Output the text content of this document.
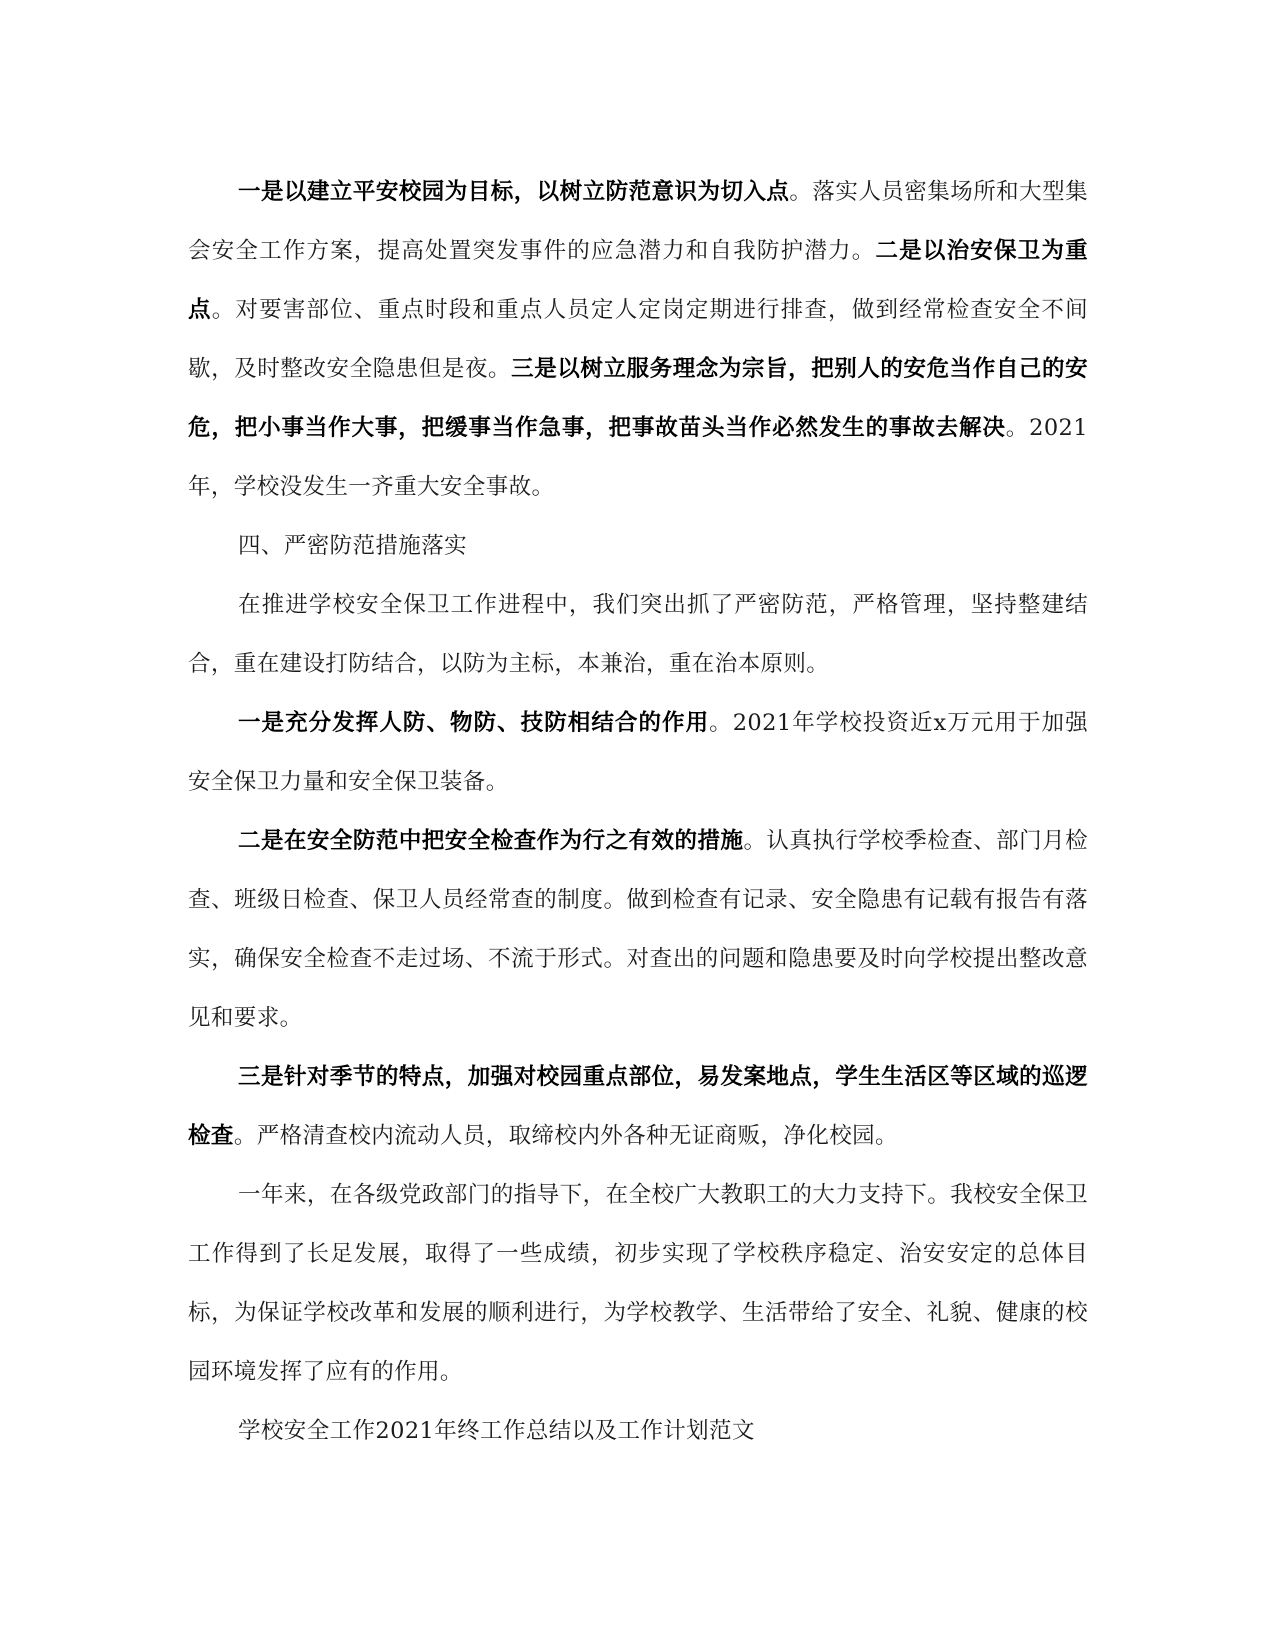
一是以建立平安校园为目标，以树立防范意识为切入点。落实人员密集场所和大型集会安全工作方案，提高处置突发事件的应急潜力和自我防护潜力。二是以治安保卫为重点。对要害部位、重点时段和重点人员定人定岗定期进行排查，做到经常检查安全不间歇，及时整改安全隐患但是夜。三是以树立服务理念为宗旨，把别人的安危当作自己的安危，把小事当作大事，把缓事当作急事，把事故苗头当作必然发生的事故去解决。2021年，学校没发生一齐重大安全事故。

四、严密防范措施落实

在推进学校安全保卫工作进程中，我们突出抓了严密防范，严格管理，坚持整建结合，重在建设打防结合，以防为主标，本兼治，重在治本原则。

一是充分发挥人防、物防、技防相结合的作用。2021年学校投资近x万元用于加强安全保卫力量和安全保卫装备。

二是在安全防范中把安全检查作为行之有效的措施。认真执行学校季检查、部门月检查、班级日检查、保卫人员经常查的制度。做到检查有记录、安全隐患有记载有报告有落实，确保安全检查不走过场、不流于形式。对查出的问题和隐患要及时向学校提出整改意见和要求。

三是针对季节的特点，加强对校园重点部位，易发案地点，学生生活区等区域的巡逻检查。严格清查校内流动人员，取缔校内外各种无证商贩，净化校园。

一年来，在各级党政部门的指导下，在全校广大教职工的大力支持下。我校安全保卫工作得到了长足发展，取得了一些成绩，初步实现了学校秩序稳定、治安安定的总体目标，为保证学校改革和发展的顺利进行，为学校教学、生活带给了安全、礼貌、健康的校园环境发挥了应有的作用。

学校安全工作2021年终工作总结以及工作计划范文
